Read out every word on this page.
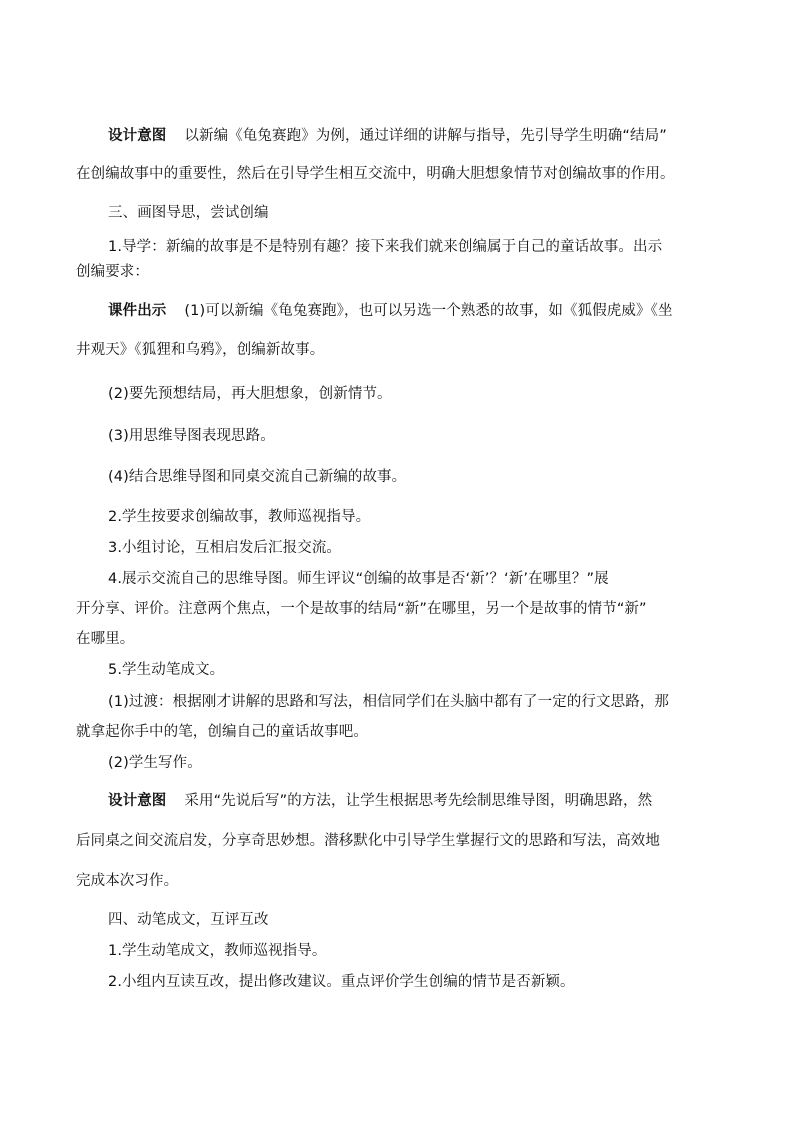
设计意图 以新编《龟兔赛跑》为例，通过详细的讲解与指导，先引导学生明确“结局”
在创编故事中的重要性，然后在引导学生相互交流中，明确大胆想象情节对创编故事的作用。
三、画图导思，尝试创编
1.导学：新编的故事是不是特别有趣？接下来我们就来创编属于自己的童话故事。出示
创编要求：
课件出示 (1)可以新编《龟兔赛跑》，也可以另选一个熟悉的故事，如《狐假虎威》《坐
井观天》《狐狸和乌鸦》，创编新故事。
(2)要先预想结局，再大胆想象，创新情节。
(3)用思维导图表现思路。
(4)结合思维导图和同桌交流自己新编的故事。
2.学生按要求创编故事，教师巡视指导。
3.小组讨论，互相启发后汇报交流。
4.展示交流自己的思维导图。师生评议“创编的故事是否‘新’？‘新’在哪里？”展
开分享、评价。注意两个焦点，一个是故事的结局“新”在哪里，另一个是故事的情节“新”
在哪里。
5.学生动笔成文。
(1)过渡：根据刚才讲解的思路和写法，相信同学们在头脑中都有了一定的行文思路，那
就拿起你手中的笔，创编自己的童话故事吧。
(2)学生写作。
设计意图 采用“先说后写”的方法，让学生根据思考先绘制思维导图，明确思路，然
后同桌之间交流启发，分享奇思妙想。潜移默化中引导学生掌握行文的思路和写法，高效地
完成本次习作。
四、动笔成文，互评互改
1.学生动笔成文，教师巡视指导。
2.小组内互读互改，提出修改建议。重点评价学生创编的情节是否新颖。
